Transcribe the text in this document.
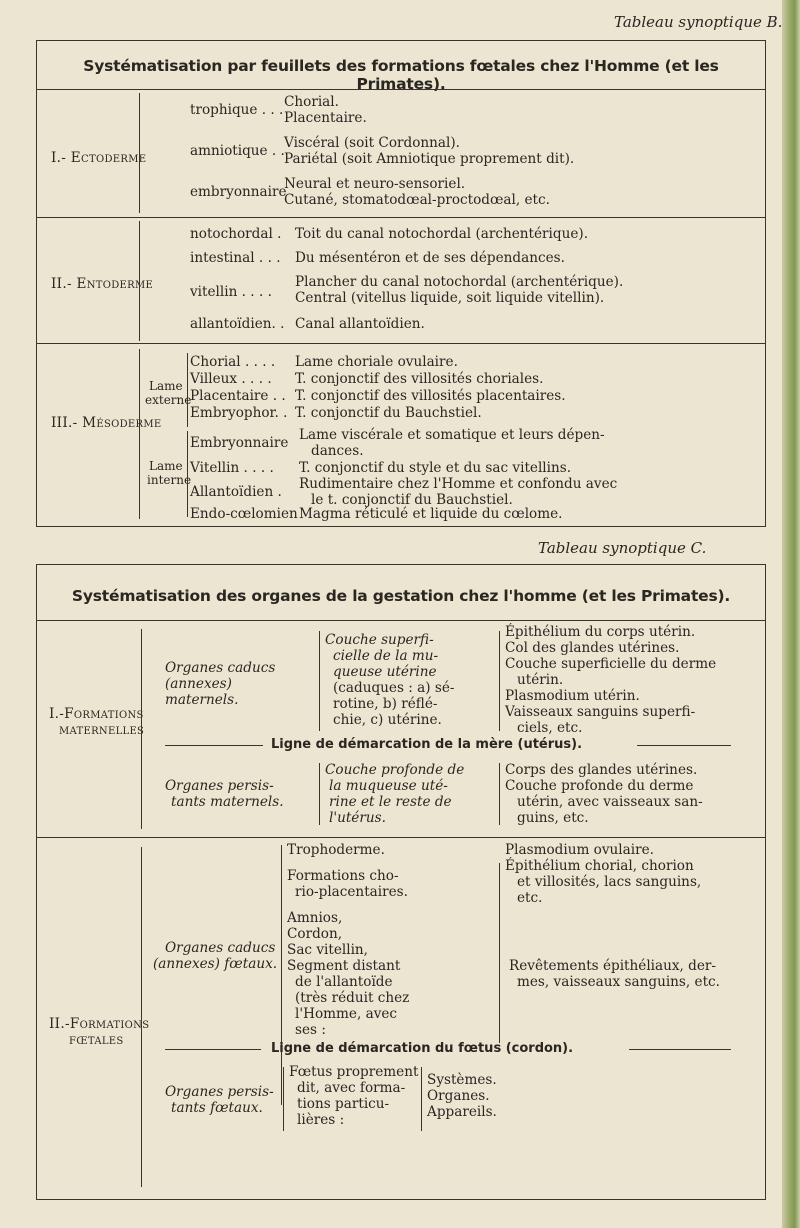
Tableau synoptique B.
Systématisation par feuillets des formations fœtales chez l'Homme (et les Primates).
I.- Ectoderme
trophique . . . Chorial.
Placentaire.
amniotique . . Viscéral (soit Cordonnal).
Pariétal (soit Amniotique proprement dit).
embryonnaire
Neural et neuro-sensoriel.
Cutané, stomatodœal-proctodœal, etc.
II.- Entoderme
notochordal . Toit du canal notochordal (archentérique).
intestinal . . . Du mésentéron et de ses dépendances.
vitellin . . . .
Plancher du canal notochordal (archentérique).
Central (vitellus liquide, soit liquide vitellin).
allantoïdien. . Canal allantoïdien.
III.- Mésoderme
Lame
externe
Chorial . . . . Lame choriale ovulaire.
Villeux . . . . T. conjonctif des villosités choriales.
Placentaire . . T. conjonctif des villosités placentaires.
Embryophor. . T. conjonctif du Bauchstiel.
Lame
interne
Embryonnaire Lame viscérale et somatique et leurs dépen-
dances.
Vitellin . . . . T. conjonctif du style et du sac vitellins.
Allantoïdien . Rudimentaire chez l'Homme et confondu avec
le t. conjonctif du Bauchstiel.
Endo-cœlomien Magma réticulé et liquide du cœlome.
Tableau synoptique C.
Systématisation des organes de la gestation chez l'homme (et les Primates).
I.-Formations
maternelles
Organes caducs
(annexes)
maternels.
Couche superfi-
cielle de la mu-
queuse utérine
(caduques : a) sé-
rotine, b) réflé-
chie, c) utérine.
Épithélium du corps utérin.
Col des glandes utérines.
Couche superficielle du derme
utérin.
Plasmodium utérin.
Vaisseaux sanguins superfi-
ciels, etc.
Ligne de démarcation de la mère (utérus).
Organes persis-
tants maternels.
Couche profonde de
la muqueuse uté-
rine et le reste de
l'utérus.
Corps des glandes utérines.
Couche profonde du derme
utérin, avec vaisseaux san-
guins, etc.
II.-Formations
fœtales
Organes caducs
(annexes) fœtaux.
Trophoderme.
Formations cho-
rio-placentaires.
Amnios,
Cordon,
Sac vitellin,
Segment distant
de l'allantoïde
(très réduit chez
l'Homme, avec
ses :
Plasmodium ovulaire.
Épithélium chorial, chorion
et villosités, lacs sanguins,
etc.
Revêtements épithéliaux, der-
mes, vaisseaux sanguins, etc.
Ligne de démarcation du fœtus (cordon).
Organes persis-
tants fœtaux.
Fœtus proprement
dit, avec forma-
tions particu-
lières :
Systèmes.
Organes.
Appareils.
